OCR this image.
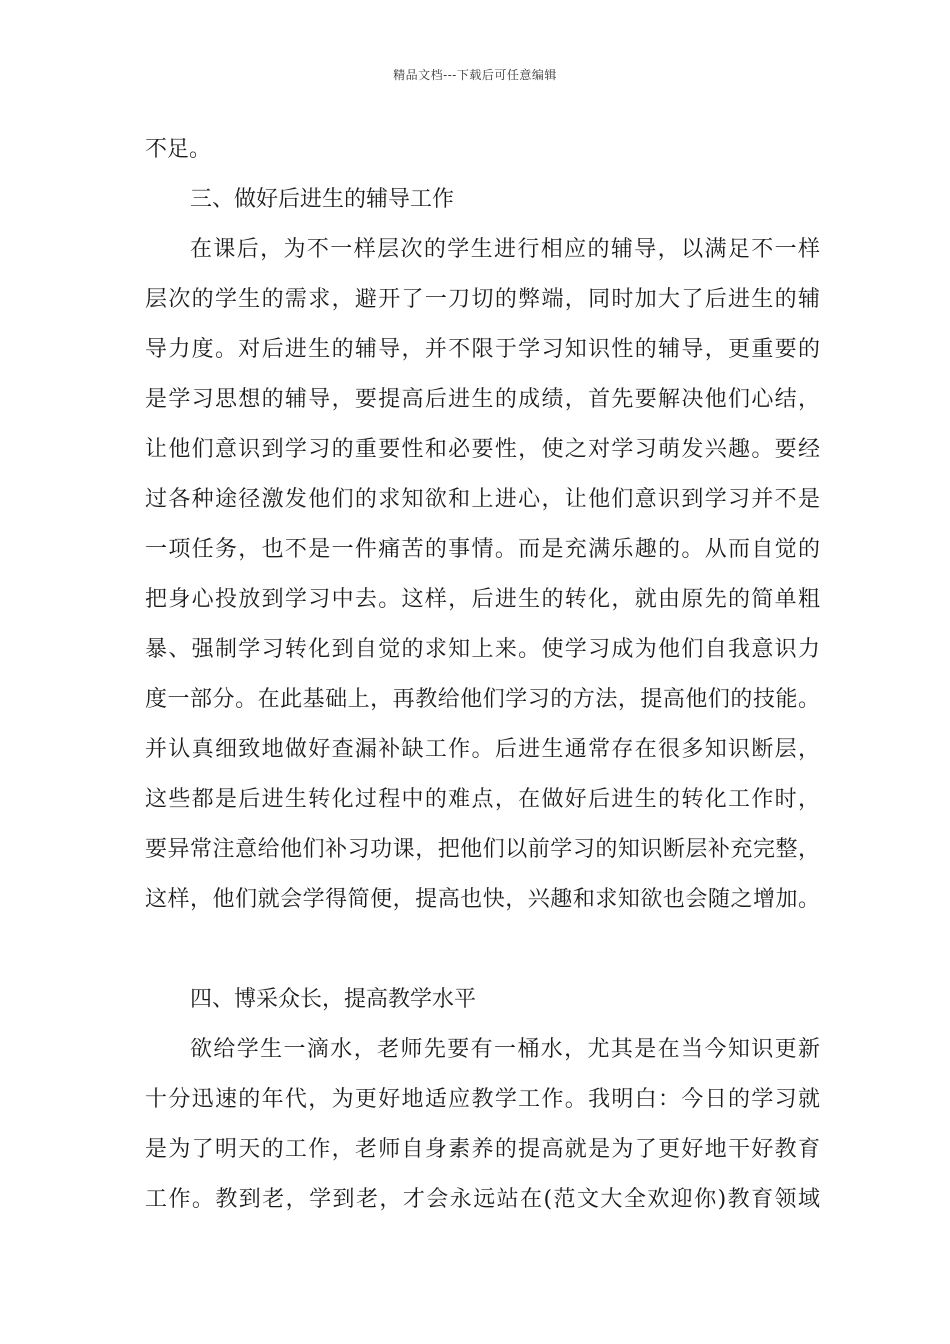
精品文档---下载后可任意编辑

不足。

三、做好后进生的辅导工作

在课后，为不一样层次的学生进行相应的辅导，以满足不一样

层次的学生的需求，避开了一刀切的弊端，同时加大了后进生的辅

导力度。对后进生的辅导，并不限于学习知识性的辅导，更重要的

是学习思想的辅导，要提高后进生的成绩，首先要解决他们心结，

让他们意识到学习的重要性和必要性，使之对学习萌发兴趣。要经

过各种途径激发他们的求知欲和上进心，让他们意识到学习并不是

一项任务，也不是一件痛苦的事情。而是充满乐趣的。从而自觉的

把身心投放到学习中去。这样，后进生的转化，就由原先的简单粗

暴、强制学习转化到自觉的求知上来。使学习成为他们自我意识力

度一部分。在此基础上，再教给他们学习的方法，提高他们的技能。

并认真细致地做好查漏补缺工作。后进生通常存在很多知识断层，

这些都是后进生转化过程中的难点，在做好后进生的转化工作时，

要异常注意给他们补习功课，把他们以前学习的知识断层补充完整，

这样，他们就会学得简便，提高也快，兴趣和求知欲也会随之增加。

四、博采众长，提高教学水平

欲给学生一滴水，老师先要有一桶水，尤其是在当今知识更新

十分迅速的年代，为更好地适应教学工作。我明白：今日的学习就

是为了明天的工作，老师自身素养的提高就是为了更好地干好教育

工作。教到老，学到老，才会永远站在(范文大全欢迎你)教育领域
